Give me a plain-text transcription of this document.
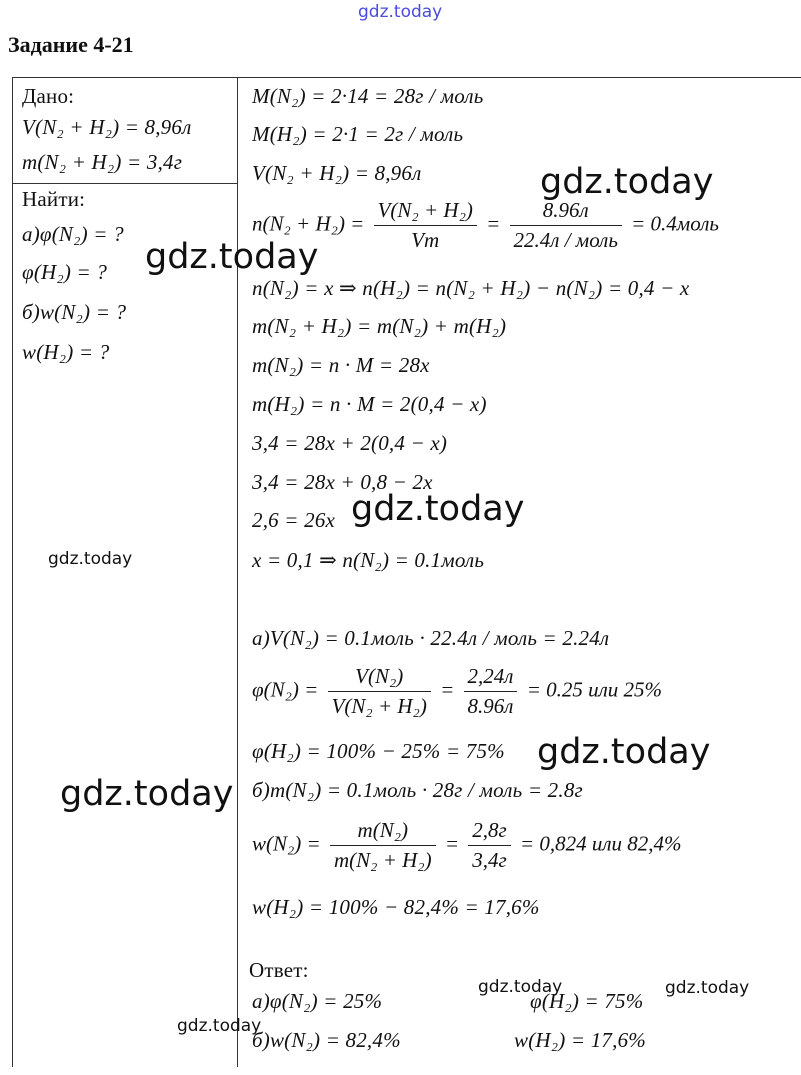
gdz.today
Задание 4-21
Дано:
V(N₂ + H₂) = 8,96л
m(N₂ + H₂) = 3,4г
Найти:
а)φ(N₂) = ?
φ(H₂) = ?
б)w(N₂) = ?
w(H₂) = ?
M(N₂) = 2·14 = 28г / моль
M(H₂) = 2·1 = 2г / моль
V(N₂ + H₂) = 8,96л
$n(N_2 + H_2) = \frac{\text{V(N₂ + H₂)}}{Vm} = \frac{8.96л}{\text{22.4л / моль}}$ = 0.4моль
n(N₂) = x ⇒ n(H₂) = n(N₂ + H₂) − n(N₂) = 0,4 − x
m(N₂ + H₂) = m(N₂) + m(H₂)
m(N₂) = n · M = 28x
m(H₂) = n · M = 2(0,4 − x)
3,4 = 28x + 2(0,4 − x)
3,4 = 28x + 0,8 − 2x
2,6 = 26x
x = 0,1 ⇒ n(N₂) = 0.1моль
а)V(N₂) = 0.1моль · 22.4л / моль = 2.24л
$\varphi(N_2) = \frac{\text{V(N₂)}}{\text{V(N₂ + H₂)}} = \frac{2,24л}{8.96л} = 0.25$ или 25%
φ(H₂) = 100% − 25% = 75%
б)m(N₂) = 0.1моль · 28г / моль = 2.8г
$w(N_2) = \frac{\text{m(N₂)}}{\text{m(N₂ + H₂)}} = \frac{2,8г}{3,4г} = 0,824$ или 82,4%
w(H₂) = 100% − 82,4% = 17,6%
Ответ:
а)φ(N₂) = 25%	φ(H₂) = 75%
б)w(N₂) = 82,4%	w(H₂) = 17,6%
gdz.today
gdz.today
gdz.today
gdz.today
gdz.today
gdz.today
gdz.today	gdz.today
gdz.today
